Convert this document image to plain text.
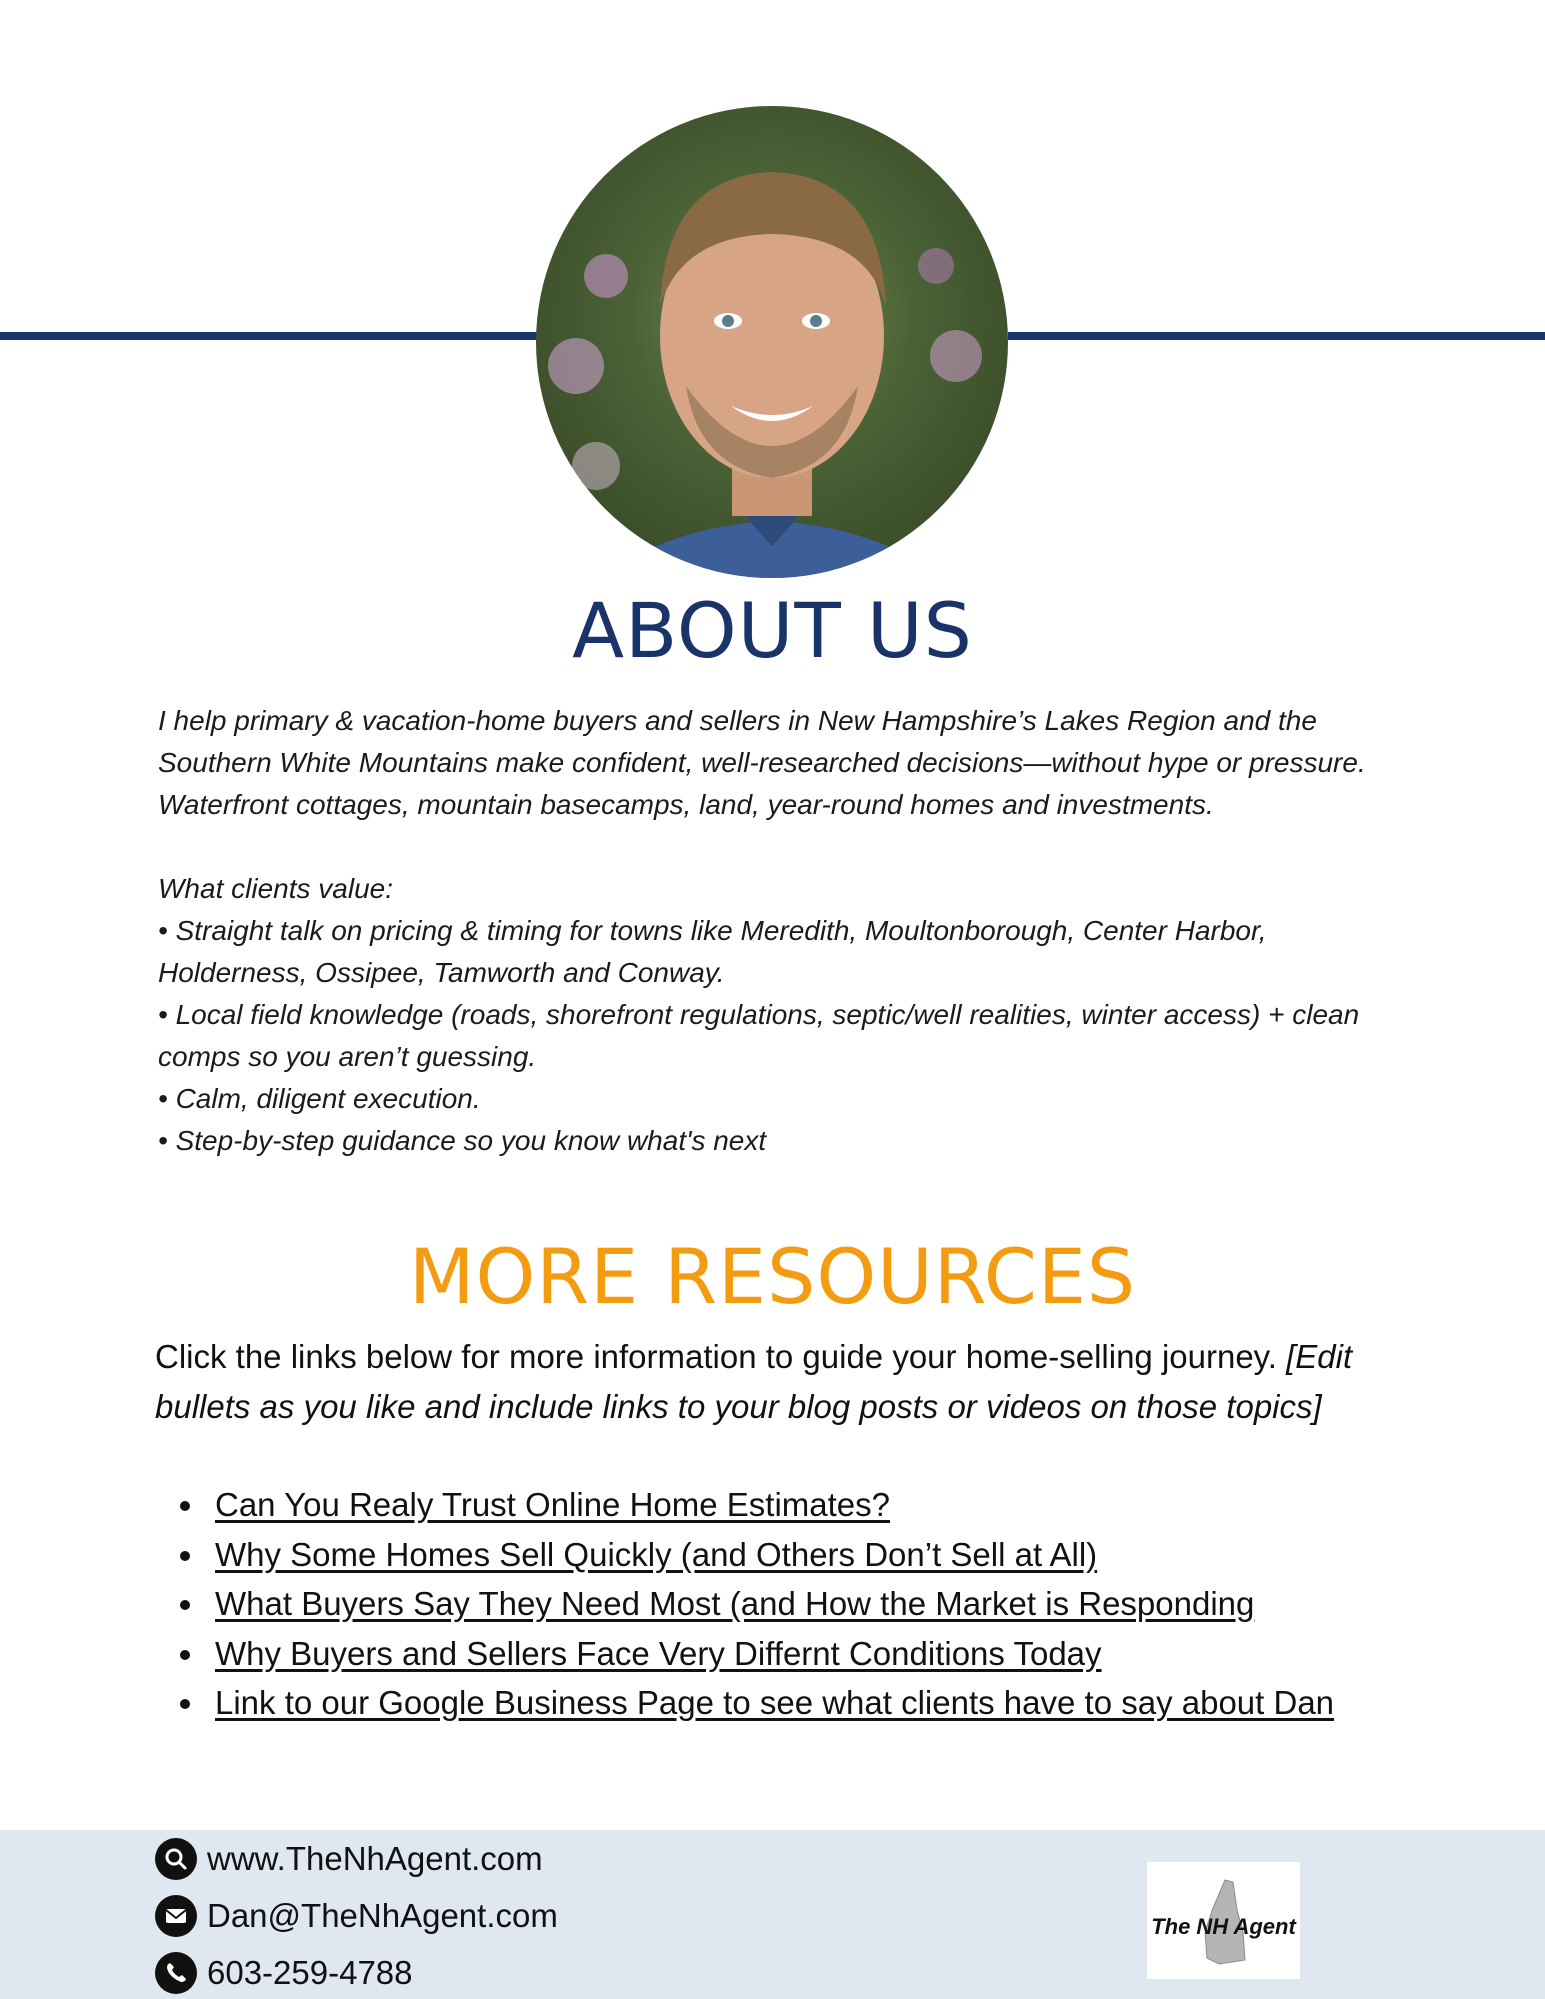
ABOUT US

I help primary & vacation-home buyers and sellers in New Hampshire’s Lakes Region and the

Southern White Mountains make confident, well-researched decisions—without hype or pressure.

Waterfront cottages, mountain basecamps, land, year-round homes and investments.

What clients value:

• Straight talk on pricing & timing for towns like Meredith, Moultonborough, Center Harbor,

Holderness, Ossipee, Tamworth and Conway.

• Local field knowledge (roads, shorefront regulations, septic/well realities, winter access) + clean

comps so you aren’t guessing.

• Calm, diligent execution.

• Step-by-step guidance so you know what's next

MORE RESOURCES
Click the links below for more information to guide your home-selling journey. [Edit bullets as you like and include links to your blog posts or videos on those topics]
Can You Realy Trust Online Home Estimates?
Why Some Homes Sell Quickly (and Others Don’t Sell at All)
What Buyers Say They Need Most (and How the Market is Responding
Why Buyers and Sellers Face Very Differnt Conditions Today
Link to our Google Business Page to see what clients have to say about Dan
www.TheNhAgent.com
Dan@TheNhAgent.com
603-259-4788
The NH Agent
